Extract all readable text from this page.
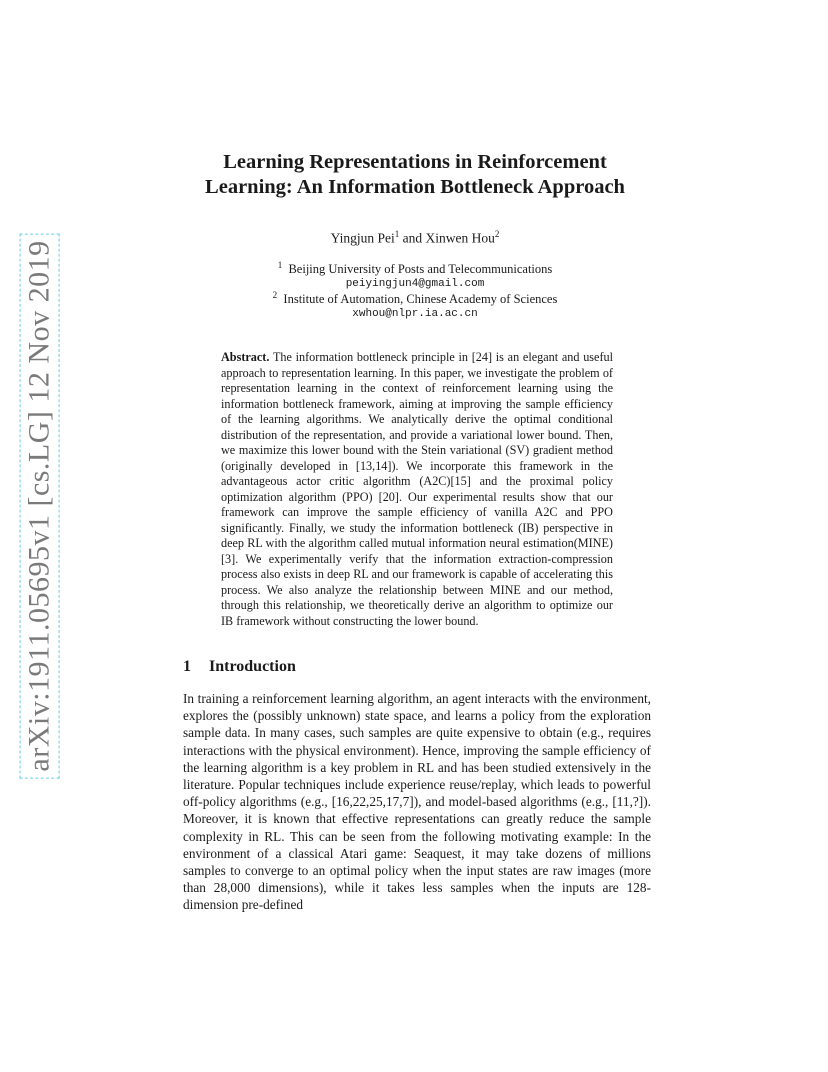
arXiv:1911.05695v1 [cs.LG] 12 Nov 2019
Learning Representations in Reinforcement
Learning: An Information Bottleneck Approach
Yingjun Pei$^1$ and Xinwen Hou$^2$
$^1$ Beijing University of Posts and Telecommunications
peiyingjun4@gmail.com
$^2$ Institute of Automation, Chinese Academy of Sciences
xwhou@nlpr.ia.ac.cn
Abstract. The information bottleneck principle in [24] is an elegant and useful approach to representation learning. In this paper, we investigate the problem of representation learning in the context of reinforcement learning using the information bottleneck framework, aiming at improving the sample efficiency of the learning algorithms. We analytically derive the optimal conditional distribution of the representation, and provide a variational lower bound. Then, we maximize this lower bound with the Stein variational (SV) gradient method (originally developed in [13,14]). We incorporate this framework in the advantageous actor critic algorithm (A2C)[15] and the proximal policy optimization algorithm (PPO) [20]. Our experimental results show that our framework can improve the sample efficiency of vanilla A2C and PPO significantly. Finally, we study the information bottleneck (IB) perspective in deep RL with the algorithm called mutual information neural estimation(MINE) [3]. We experimentally verify that the information extraction-compression process also exists in deep RL and our framework is capable of accelerating this process. We also analyze the relationship between MINE and our method, through this relationship, we theoretically derive an algorithm to optimize our IB framework without constructing the lower bound.
1 Introduction
In training a reinforcement learning algorithm, an agent interacts with the environment, explores the (possibly unknown) state space, and learns a policy from the exploration sample data. In many cases, such samples are quite expensive to obtain (e.g., requires interactions with the physical environment). Hence, improving the sample efficiency of the learning algorithm is a key problem in RL and has been studied extensively in the literature. Popular techniques include experience reuse/replay, which leads to powerful off-policy algorithms (e.g., [16,22,25,17,7]), and model-based algorithms (e.g., [11,?]). Moreover, it is known that effective representations can greatly reduce the sample complexity in RL. This can be seen from the following motivating example: In the environment of a classical Atari game: Seaquest, it may take dozens of millions samples to converge to an optimal policy when the input states are raw images (more than 28,000 dimensions), while it takes less samples when the inputs are 128-dimension pre-defined
